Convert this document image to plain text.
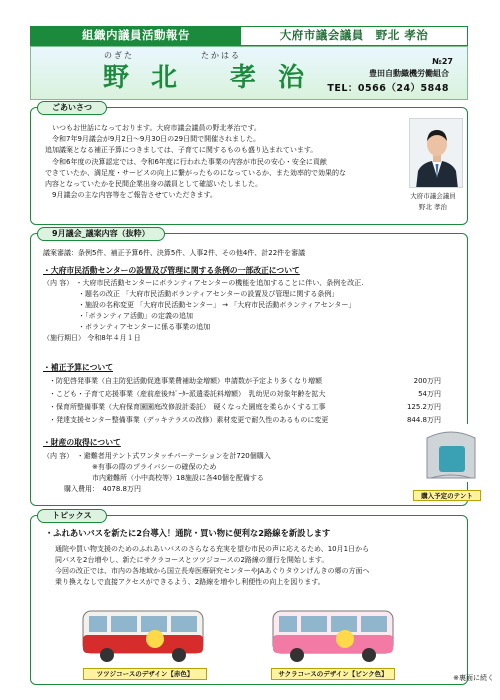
組織内議員活動報告	大府市議会議員　野北 孝治
のぎた	たかはる
野北 孝治
№27
豊田自動織機労働組合
TEL：0566（24）5848
ごあいさつ

　いつもお世話になっております。大府市議会議員の野北孝治です。

　令和7年9月議会が9月2日～9月30日の29日間で開催されました。

追加議案となる補正予算につきましては、子育てに関するものも盛り込まれています。

　令和6年度の決算認定では、令和6年度に行われた事業の内容が市民の安心・安全に貢献

できていたか、満足度・サービスの向上に繋がったものになっているか、また効率的で効果的な

内容となっていたかを民間企業出身の議員として確認いたしました。

　9月議会の主な内容等をご報告させていただきます。	大府市議会議員
野北 孝治
9月議会_議案内容（抜粋）
議案審議：条例5件、補正予算6件、決算5件、人事2件、その他4件、計22件を審議
・大府市民活動センターの設置及び管理に関する条例の一部改正について
（内 容） ・大府市民活動センターにボランティアセンターの機能を追加することに伴い、条例を改正.
　　　　　・題名の改正 「大府市民活動ボランティアセンターの設置及び管理に関する条例」
　　　　　・施設の名称変更 「大府市民活動センター」 → 「大府市民活動ボランティアセンター」
　　　　　・「ボランティア活動」の定義の追加
　　　　　・ボランティアセンターに係る事業の追加
（施行期日） 令和8年４月１日
・補正予算について
・防犯啓発事業（自主防犯活動促進事業費補助金増額）申請数が予定より多くなり増額	200万円
・こども・子育て応援事業（産前産後ｻﾎﾟｰﾀｰ派遣委託料増額）　乳幼児の対象年齢を拡大	54万円
・保育所整備事業（大府保育園園庭改修設計委託）　硬くなった園庭を柔らかくする工事	125.2万円
・発達支援センター整備事業（デッキテラスの改修）素材変更で耐久性のあるものに変更	844.8万円
・財産の取得について
（内 容）　・避難者用テント式ワンタッチパーテーションを計720個購入
　　　　　　　※有事の際のプライバシーの確保のため
　　　　　　　市内避難所（小中高校等）18施設に各40個を配備する
　　　購入費用：　4078.8万円
購入予定のテント
トピックス
・ふれあいバスを新たに2台導入！通院・買い物に便利な2路線を新設します

通院や買い物支援のためのふれあいバスのさらなる充実を望む市民の声に応えるため、10月1日から

同バスを2台増やし、新たにサクラコースとツツジコースの2路線の運行を開始します。

今回の改正では、市内の各地域から国立長寿医療研究センターやJAあぐりタウンげんきの郷の方面へ

乗り換えなしで直接アクセスができるよう、2路線を増やし利便性の向上を図ります。

ツツジコースのデザイン【赤色】	サクラコースのデザイン【ピンク色】	※裏面に続く
